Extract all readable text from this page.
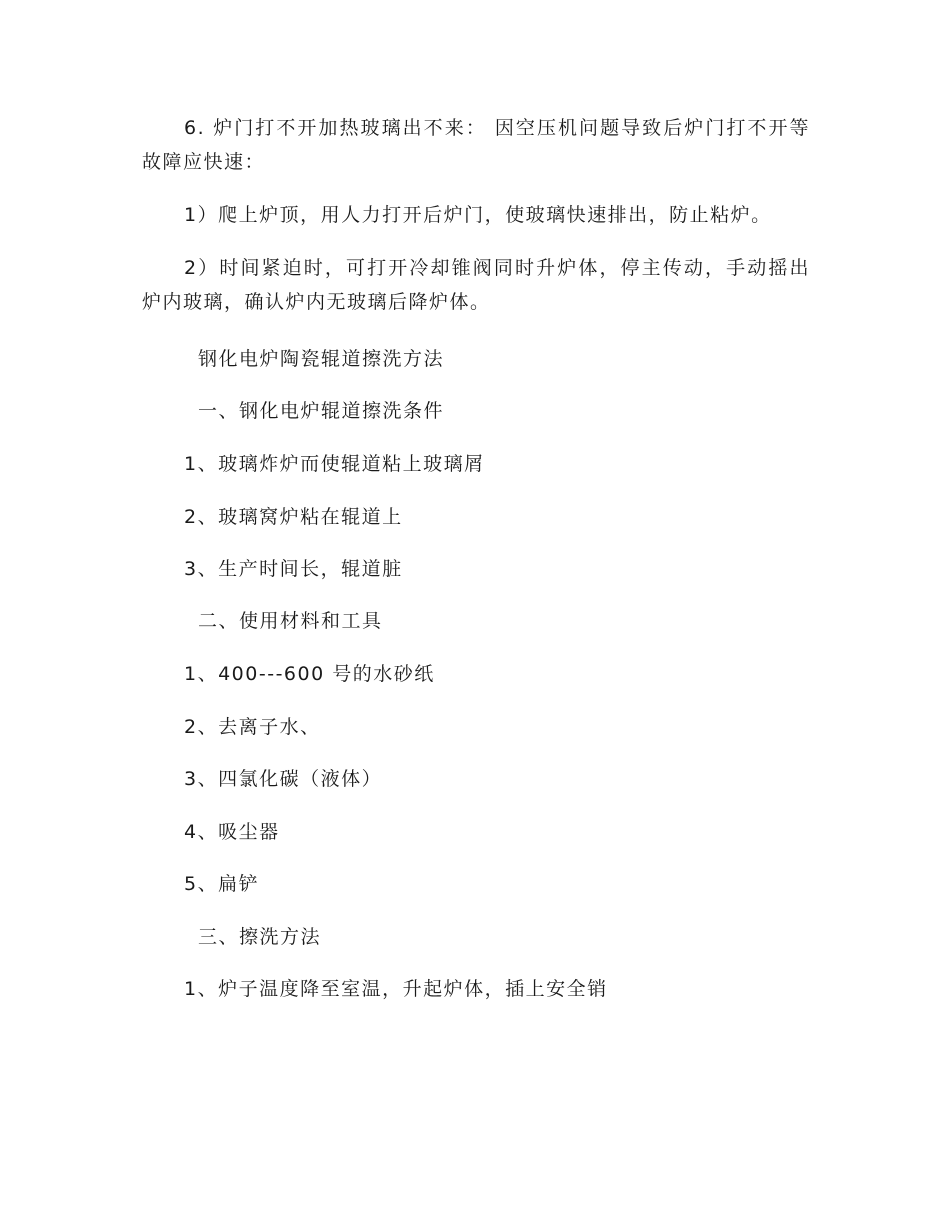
6. 炉门打不开加热玻璃出不来： 因空压机问题导致后炉门打不开等故障应快速：
1）爬上炉顶，用人力打开后炉门，使玻璃快速排出，防止粘炉。
2）时间紧迫时，可打开冷却锥阀同时升炉体，停主传动，手动摇出炉内玻璃，确认炉内无玻璃后降炉体。
钢化电炉陶瓷辊道擦洗方法
一、钢化电炉辊道擦洗条件
1、玻璃炸炉而使辊道粘上玻璃屑
2、玻璃窝炉粘在辊道上
3、生产时间长，辊道脏
二、使用材料和工具
1、400---600 号的水砂纸
2、去离子水、
3、四氯化碳（液体）
4、吸尘器
5、扁铲
三、擦洗方法
1、炉子温度降至室温，升起炉体，插上安全销
